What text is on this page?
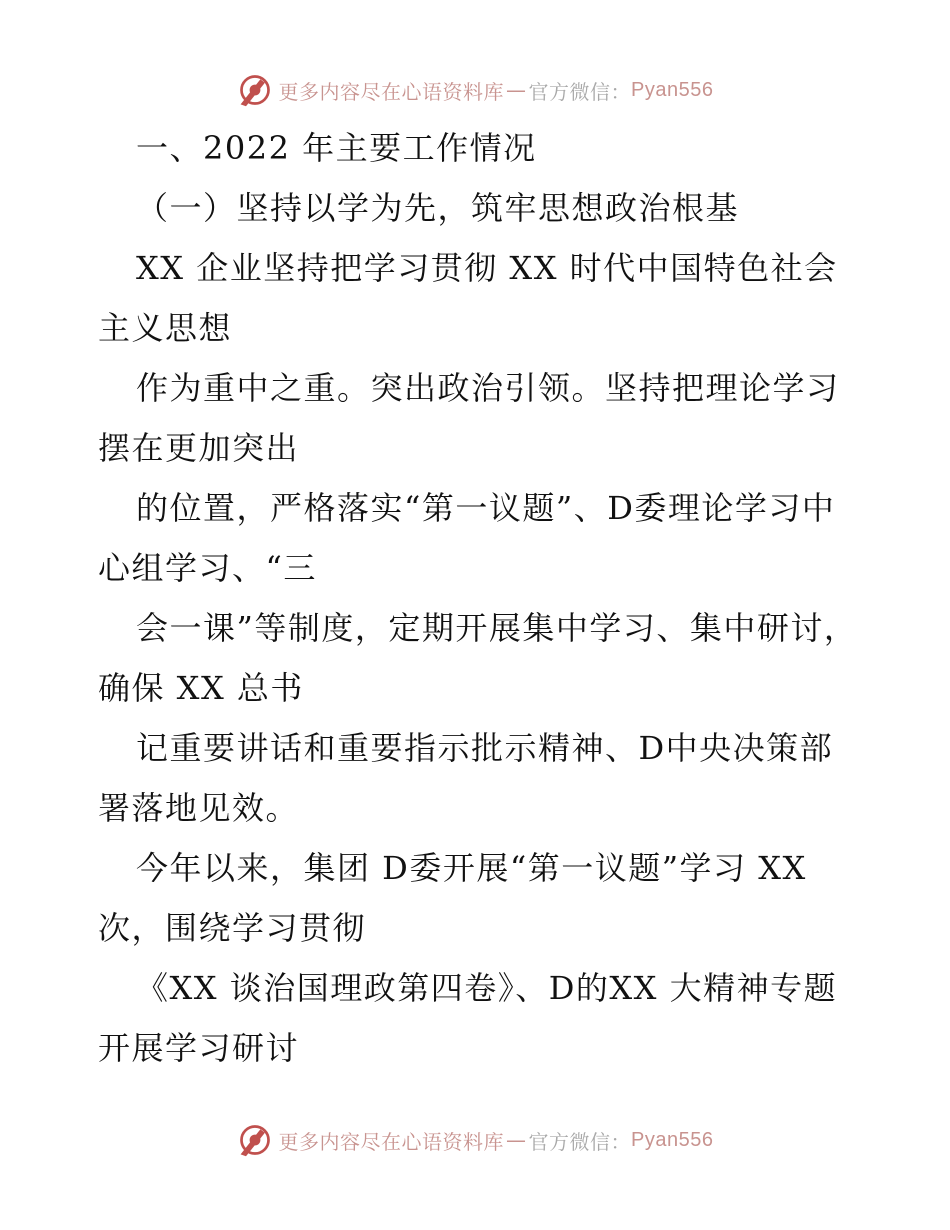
更多内容尽在心语资料库 — 官方微信： Pyan556

一、2022 年主要工作情况

（一）坚持以学为先，筑牢思想政治根基

XX 企业坚持把学习贯彻 XX 时代中国特色社会主义思想

作为重中之重。突出政治引领。坚持把理论学习摆在更加突出

的位置，严格落实“第一议题”、D委理论学习中心组学习、“三

会一课”等制度，定期开展集中学习、集中研讨，确保 XX 总书

记重要讲话和重要指示批示精神、D中央决策部署落地见效。

今年以来，集团 D委开展“第一议题”学习 XX 次，围绕学习贯彻

《XX 谈治国理政第四卷》、D的XX 大精神专题开展学习研讨

更多内容尽在心语资料库 — 官方微信： Pyan556
